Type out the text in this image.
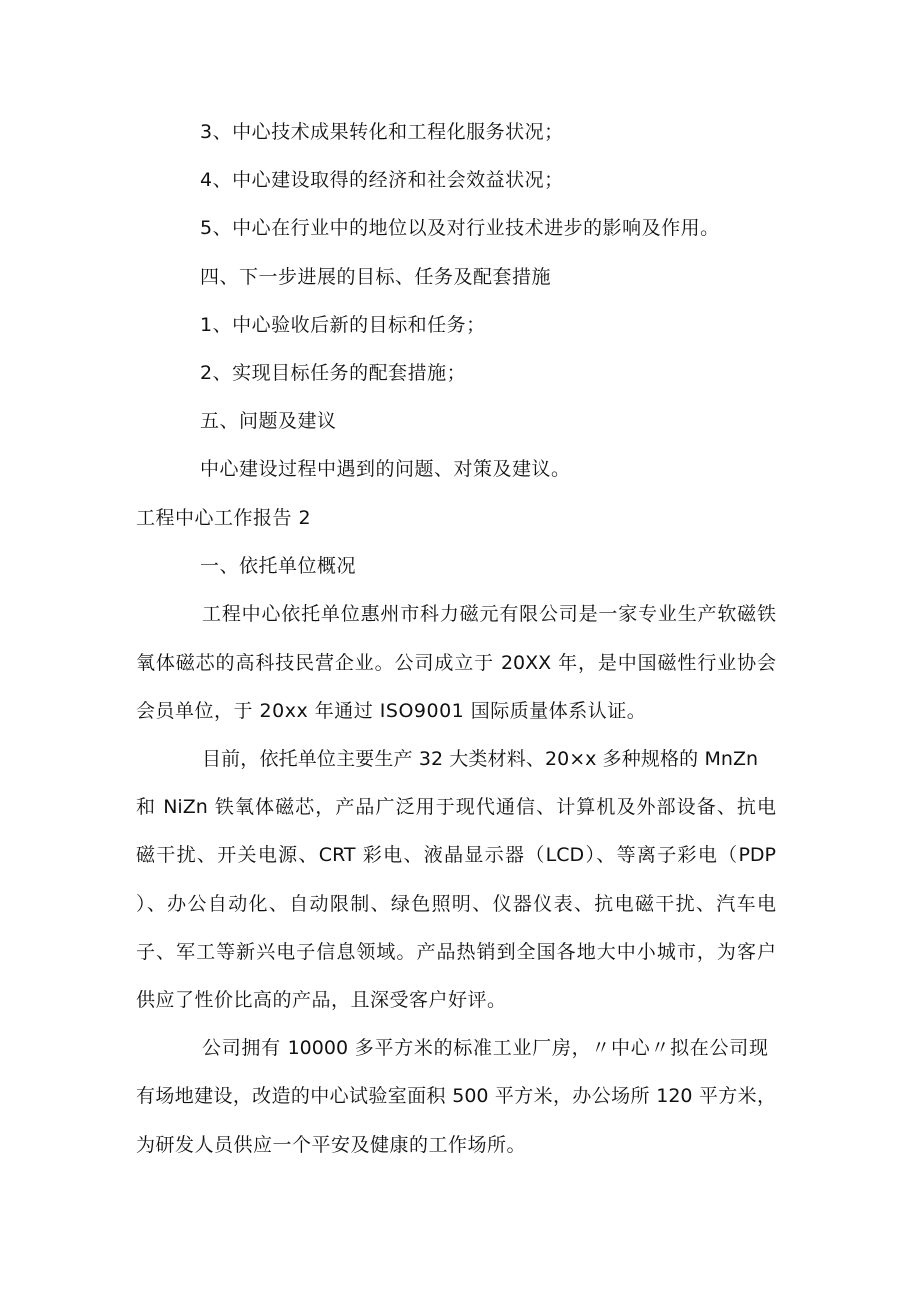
3、中心技术成果转化和工程化服务状况；
4、中心建设取得的经济和社会效益状况；
5、中心在行业中的地位以及对行业技术进步的影响及作用。
四、下一步进展的目标、任务及配套措施
1、中心验收后新的目标和任务；
2、实现目标任务的配套措施；
五、问题及建议
中心建设过程中遇到的问题、对策及建议。
工程中心工作报告 2
一、依托单位概况
工程中心依托单位惠州市科力磁元有限公司是一家专业生产软磁铁
氧体磁芯的高科技民营企业。公司成立于 20XX 年，是中国磁性行业协会
会员单位，于 20xx 年通过 ISO9001 国际质量体系认证。
目前，依托单位主要生产 32 大类材料、20×x 多种规格的 MnZn
和 NiZn 铁氧体磁芯，产品广泛用于现代通信、计算机及外部设备、抗电
磁干扰、开关电源、CRT 彩电、液晶显示器（LCD）、等离子彩电（PDP
）、办公自动化、自动限制、绿色照明、仪器仪表、抗电磁干扰、汽车电
子、军工等新兴电子信息领域。产品热销到全国各地大中小城市，为客户
供应了性价比高的产品，且深受客户好评。
公司拥有 10000 多平方米的标准工业厂房，〃中心〃拟在公司现
有场地建设，改造的中心试验室面积 500 平方米，办公场所 120 平方米，
为研发人员供应一个平安及健康的工作场所。
